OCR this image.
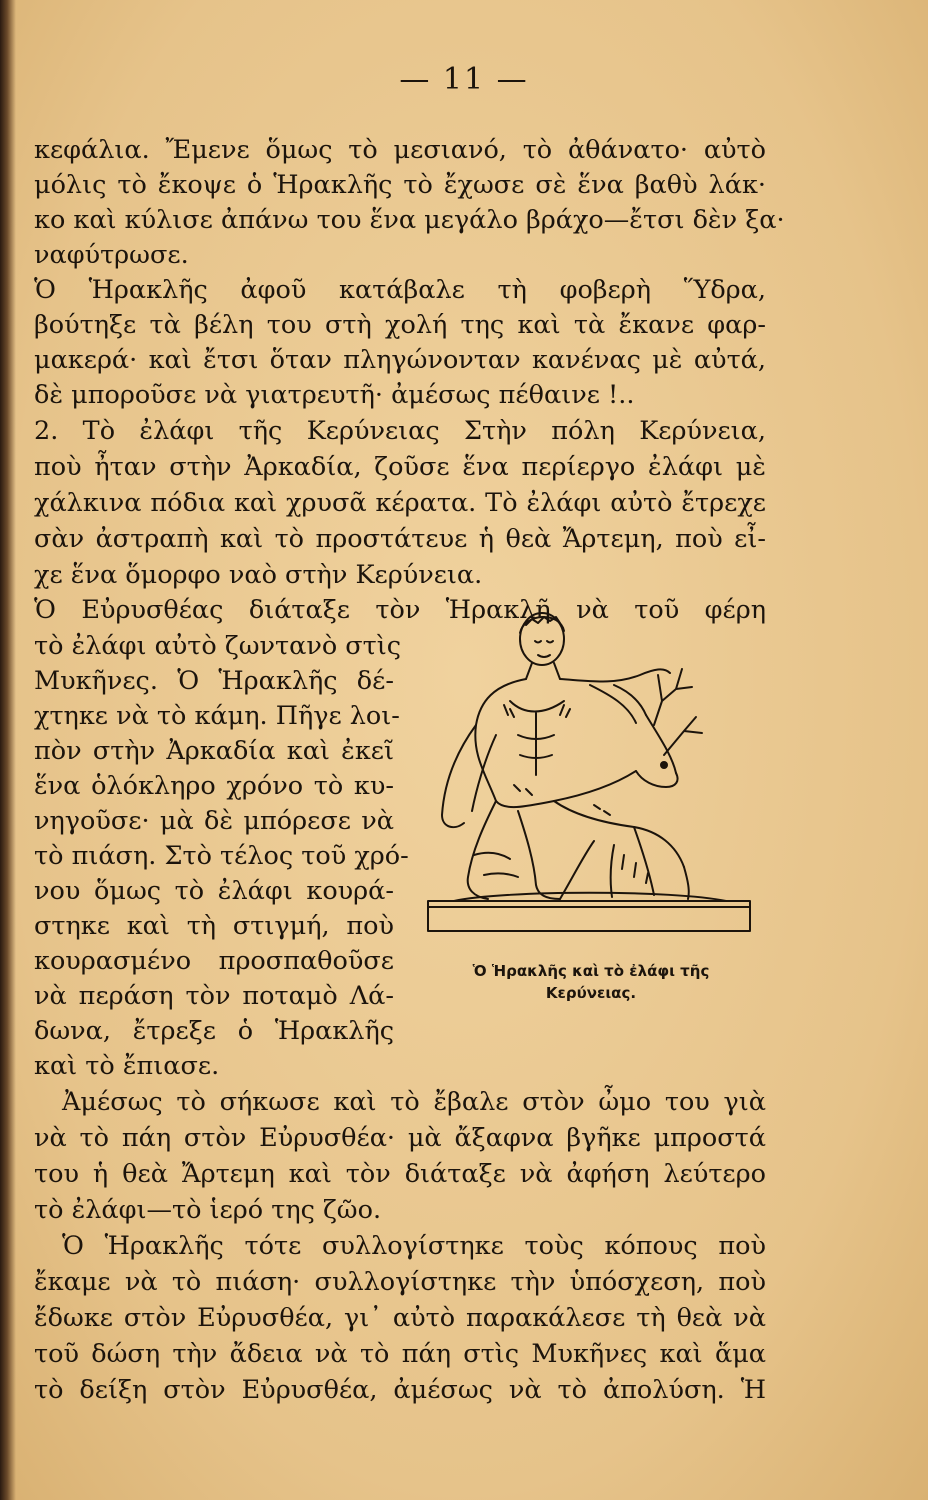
— 11 —
κεφάλια. Ἔμενε ὅμως τὸ μεσιανό, τὸ ἀθάνατο· αὐτὸ
μόλις τὸ ἔκοψε ὁ Ἡρακλῆς τὸ ἔχωσε σὲ ἕνα βαθὺ λάκ·
κο καὶ κύλισε ἀπάνω του ἕνα μεγάλο βράχο—ἔτσι δὲν ξα·
ναφύτρωσε.
Ὁ Ἡρακλῆς ἀφοῦ κατάβαλε τὴ φοβερὴ Ὕδρα,
βούτηξε τὰ βέλη του στὴ χολή της καὶ τὰ ἔκανε φαρ-
μακερά· καὶ ἔτσι ὅταν πληγώνονταν κανένας μὲ αὐτά,
δὲ μποροῦσε νὰ γιατρευτῆ· ἀμέσως πέθαινε !..
2. Τὸ ἐλάφι τῆς Κερύνειας Στὴν πόλη Κερύνεια,
ποὺ ἦταν στὴν Ἀρκαδία, ζοῦσε ἕνα περίεργο ἐλάφι μὲ
χάλκινα πόδια καὶ χρυσᾶ κέρατα. Τὸ ἐλάφι αὐτὸ ἔτρεχε
σὰν ἀστραπὴ καὶ τὸ προστάτευε ἡ θεὰ Ἄρτεμη, ποὺ εἶ-
χε ἕνα ὅμορφο ναὸ στὴν Κερύνεια.
Ὁ Εὐρυσθέας διάταξε τὸν Ἡρακλῆ νὰ τοῦ φέρη
τὸ ἐλάφι αὐτὸ ζωντανὸ στὶς
Μυκῆνες. Ὁ Ἡρακλῆς δέ-
χτηκε νὰ τὸ κάμη. Πῆγε λοι-
πὸν στὴν Ἀρκαδία καὶ ἐκεῖ
ἕνα ὁλόκληρο χρόνο τὸ κυ-
νηγοῦσε· μὰ δὲ μπόρεσε νὰ
τὸ πιάση. Στὸ τέλος τοῦ χρό-
νου ὅμως τὸ ἐλάφι κουρά-
στηκε καὶ τὴ στιγμή, ποὺ
κουρασμένο προσπαθοῦσε
νὰ περάση τὸν ποταμὸ Λά-
δωνα, ἔτρεξε ὁ Ἡρακλῆς
καὶ τὸ ἔπιασε.
Ὁ Ἡρακλῆς καὶ τὸ ἐλάφι τῆς
Κερύνειας.
Ἀμέσως τὸ σήκωσε καὶ τὸ ἔβαλε στὸν ὦμο του γιὰ
νὰ τὸ πάη στὸν Εὐρυσθέα· μὰ ἄξαφνα βγῆκε μπροστά
του ἡ θεὰ Ἄρτεμη καὶ τὸν διάταξε νὰ ἀφήση λεύτερο
τὸ ἐλάφι—τὸ ἱερό της ζῶο.
Ὁ Ἡρακλῆς τότε συλλογίστηκε τοὺς κόπους ποὺ
ἔκαμε νὰ τὸ πιάση· συλλογίστηκε τὴν ὑπόσχεση, ποὺ
ἔδωκε στὸν Εὐρυσθέα, γι᾽ αὐτὸ παρακάλεσε τὴ θεὰ νὰ
τοῦ δώση τὴν ἄδεια νὰ τὸ πάη στὶς Μυκῆνες καὶ ἅμα
τὸ δείξη στὸν Εὐρυσθέα, ἀμέσως νὰ τὸ ἀπολύση. Ἡ
